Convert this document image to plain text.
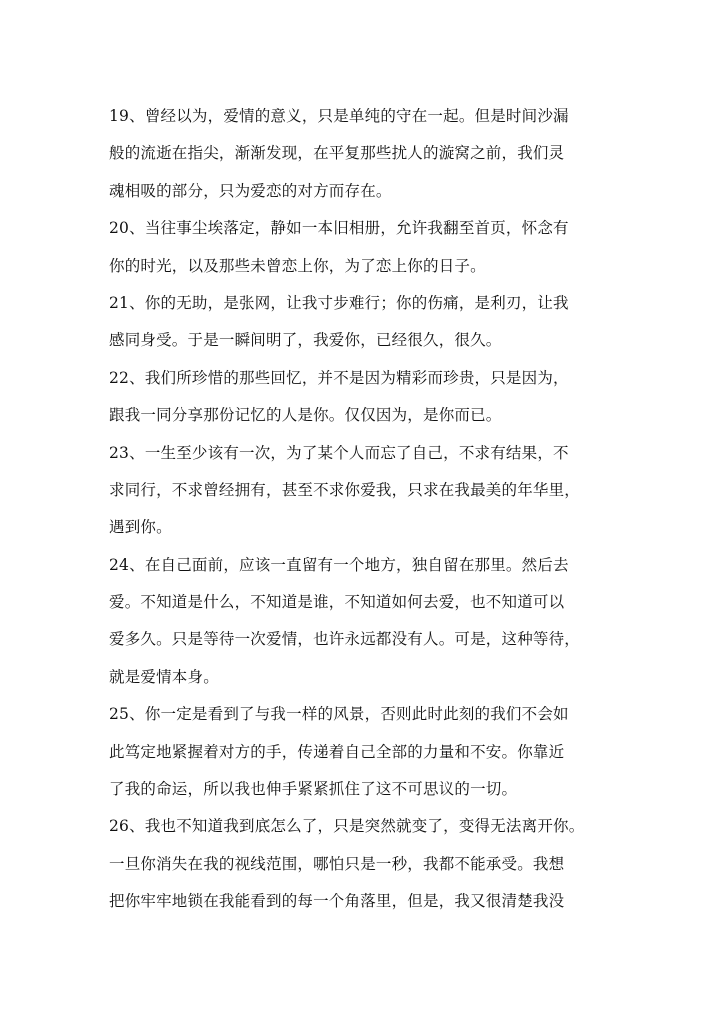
19、曾经以为，爱情的意义，只是单纯的守在一起。但是时间沙漏
般的流逝在指尖，渐渐发现，在平复那些扰人的漩窝之前，我们灵
魂相吸的部分，只为爱恋的对方而存在。
20、当往事尘埃落定，静如一本旧相册，允许我翻至首页，怀念有
你的时光，以及那些未曾恋上你，为了恋上你的日子。
21、你的无助，是张网，让我寸步难行；你的伤痛，是利刃，让我
感同身受。于是一瞬间明了，我爱你，已经很久，很久。
22、我们所珍惜的那些回忆，并不是因为精彩而珍贵，只是因为，
跟我一同分享那份记忆的人是你。仅仅因为，是你而已。
23、一生至少该有一次，为了某个人而忘了自己，不求有结果，不
求同行，不求曾经拥有，甚至不求你爱我，只求在我最美的年华里，
遇到你。
24、在自己面前，应该一直留有一个地方，独自留在那里。然后去
爱。不知道是什么，不知道是谁，不知道如何去爱，也不知道可以
爱多久。只是等待一次爱情，也许永远都没有人。可是，这种等待，
就是爱情本身。
25、你一定是看到了与我一样的风景，否则此时此刻的我们不会如
此笃定地紧握着对方的手，传递着自己全部的力量和不安。你靠近
了我的命运，所以我也伸手紧紧抓住了这不可思议的一切。
26、我也不知道我到底怎么了，只是突然就变了，变得无法离开你。
一旦你消失在我的视线范围，哪怕只是一秒，我都不能承受。我想
把你牢牢地锁在我能看到的每一个角落里，但是，我又很清楚我没
